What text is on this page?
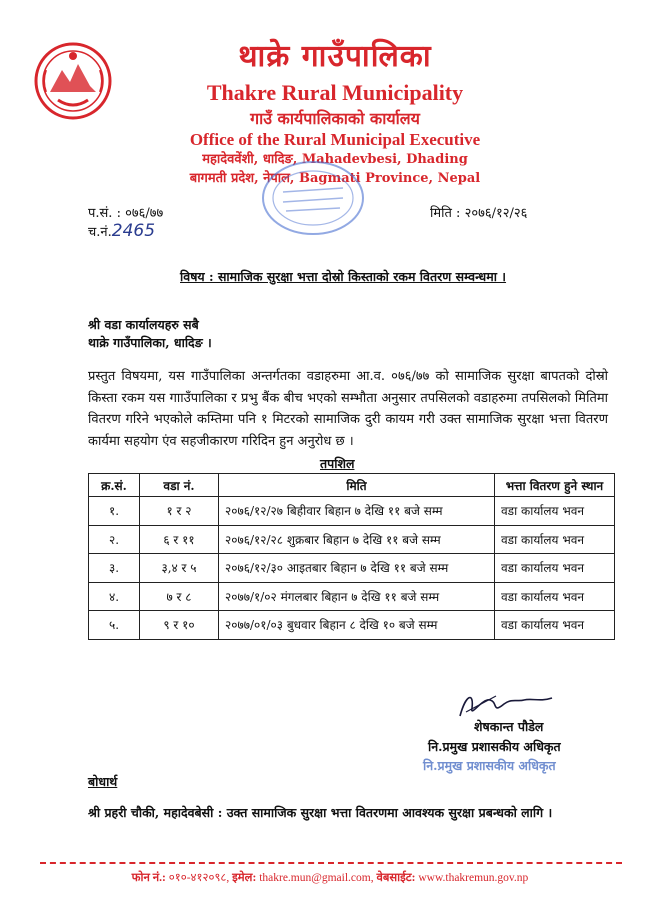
थाक्रे गाउँपालिका
Thakre Rural Municipality
गाउँ कार्यपालिकाको कार्यालय
Office of the Rural Municipal Executive
महादेववेंशी, धादिङ, Mahadevbesi, Dhading
बागमती प्रदेश, नेपाल, Bagmati Province, Nepal
प.सं. : ०७६/७७
च.नं.2465
मिति : २०७६/१२/२६
विषय : सामाजिक सुरक्षा भत्ता दोस्रो किस्ताको रकम वितरण सम्वन्धमा ।
श्री वडा कार्यालयहरु सबै
थाक्रे गाउँपालिका, धादिङ ।
प्रस्तुत विषयमा, यस गाउँपालिका अन्तर्गतका वडाहरुमा आ.व. ०७६/७७ को सामाजिक सुरक्षा बापतको दोस्रो किस्ता रकम यस गााउँपालिका र प्रभु बैंक बीच भएको सम्भौता अनुसार तपसिलको वडाहरुमा तपसिलको मितिमा वितरण गरिने भएकोले कम्तिमा पनि १ मिटरको सामाजिक दुरी कायम गरी उक्त सामाजिक सुरक्षा भत्ता वितरण कार्यमा सहयोग एंव सहजीकारण गरिदिन हुन अनुरोध छ ।
तपशिल
क्र.सं.	वडा नं.	मिति	भत्ता वितरण हुने स्थान
१.	१ र २	२०७६/१२/२७ बिहीवार बिहान ७ देखि ११ बजे सम्म	वडा कार्यालय भवन
२.	६ र ११	२०७६/१२/२८ शुक्रबार बिहान ७ देखि ११ बजे सम्म	वडा कार्यालय भवन
३.	३,४ र ५	२०७६/१२/३० आइतबार बिहान ७ देखि ११ बजे सम्म	वडा कार्यालय भवन
४.	७ र ८	२०७७/१/०२ मंगलबार बिहान ७ देखि ११ बजे सम्म	वडा कार्यालय भवन
५.	९ र १०	२०७७/०१/०३ बुधवार बिहान ८ देखि १० बजे सम्म	वडा कार्यालय भवन
शेषकान्त पौडेल
नि.प्रमुख प्रशासकीय अधिकृत
नि.प्रमुख प्रशासकीय अधिकृत
बोधार्थ
श्री प्रहरी चौकी, महादेवबेसी : उक्त सामाजिक सुरक्षा भत्ता वितरणमा आवश्यक सुरक्षा प्रबन्धको लागि ।
फोन नं.: ०१०-४१२०९८, इमेल: thakre.mun@gmail.com, वेबसाईट: www.thakremun.gov.np
